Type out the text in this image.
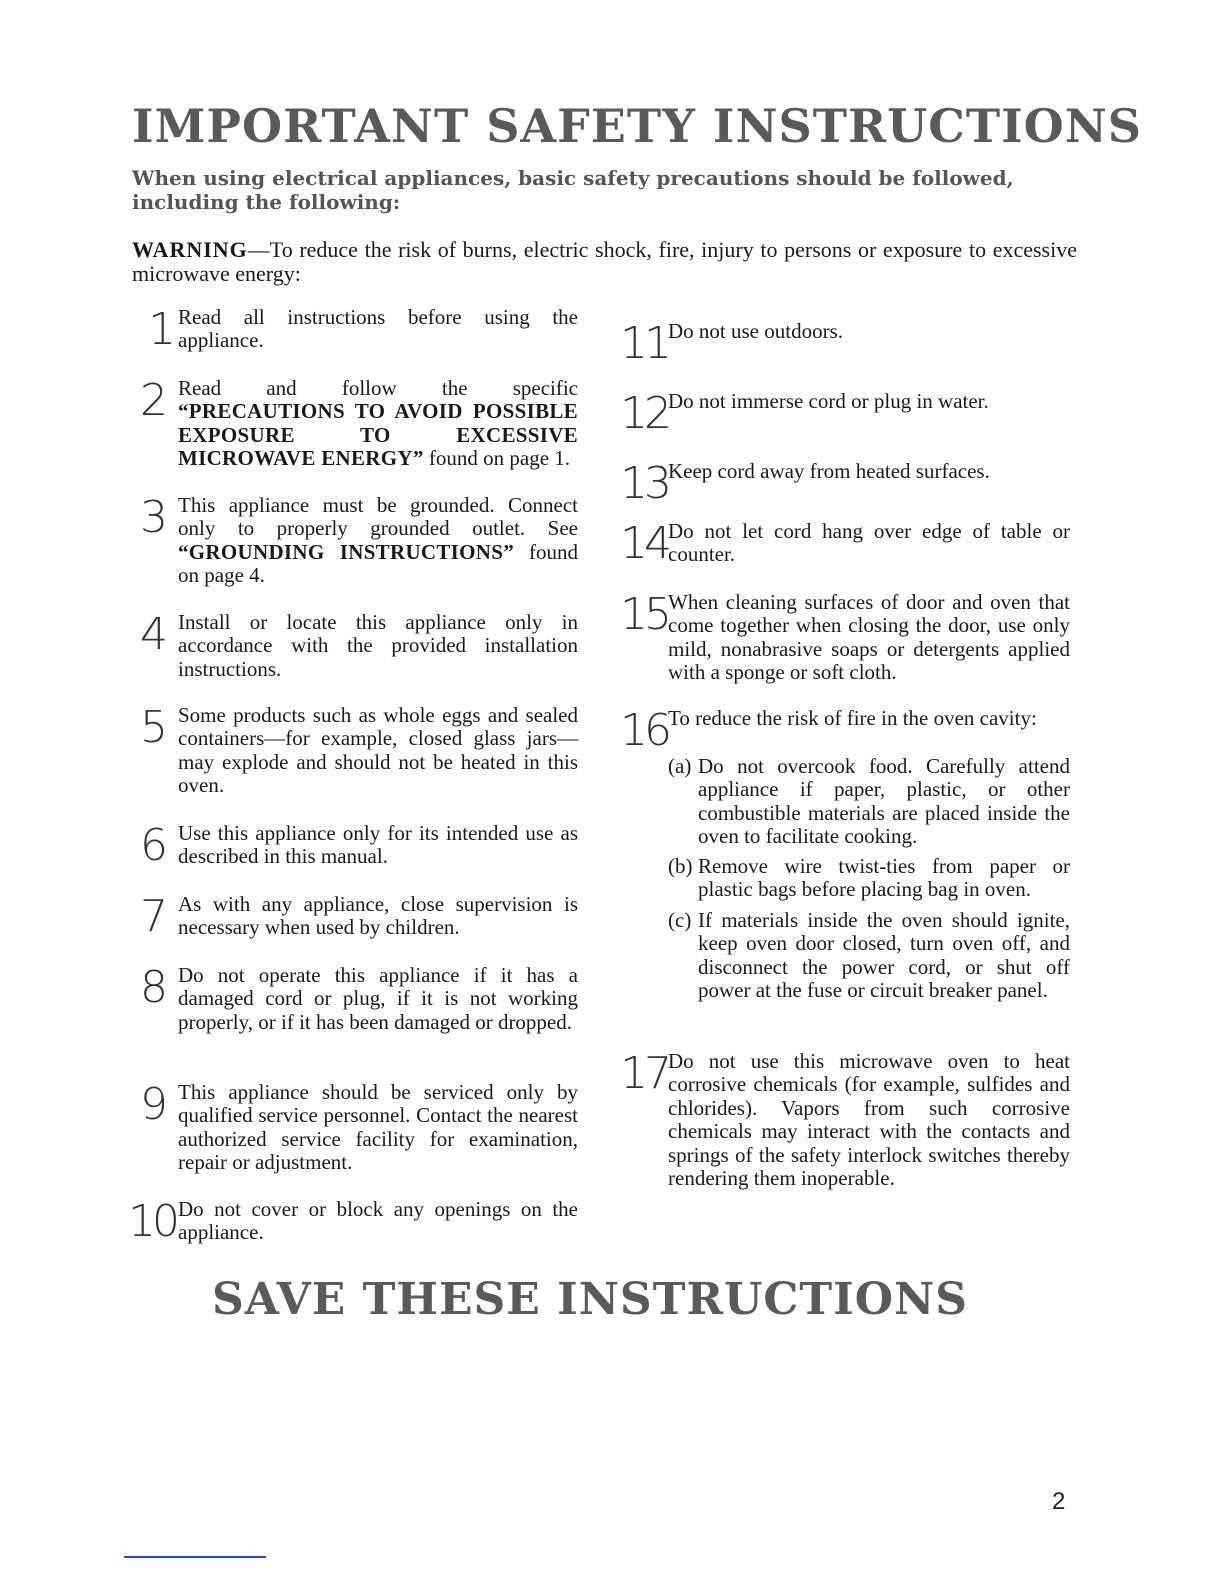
IMPORTANT SAFETY INSTRUCTIONS
When using electrical appliances, basic safety precautions should be followed, including the following:
WARNING—To reduce the risk of burns, electric shock, fire, injury to persons or exposure to excessive microwave energy:
1 Read all instructions before using the appliance.
2 Read and follow the specific “PRECAUTIONS TO AVOID POSSIBLE EXPOSURE TO EXCESSIVE MICROWAVE ENERGY” found on page 1.
3 This appliance must be grounded. Connect only to properly grounded outlet. See “GROUNDING INSTRUCTIONS” found on page 4.
4 Install or locate this appliance only in accordance with the provided installation instructions.
5 Some products such as whole eggs and sealed containers—for example, closed glass jars—may explode and should not be heated in this oven.
6 Use this appliance only for its intended use as described in this manual.
7 As with any appliance, close supervision is necessary when used by children.
8 Do not operate this appliance if it has a damaged cord or plug, if it is not working properly, or if it has been damaged or dropped.
9 This appliance should be serviced only by qualified service personnel. Contact the nearest authorized service facility for examination, repair or adjustment.
10 Do not cover or block any openings on the appliance.
11 Do not use outdoors.
12 Do not immerse cord or plug in water.
13 Keep cord away from heated surfaces.
14 Do not let cord hang over edge of table or counter.
15 When cleaning surfaces of door and oven that come together when closing the door, use only mild, nonabrasive soaps or detergents applied with a sponge or soft cloth.
16 To reduce the risk of fire in the oven cavity:
(a) Do not overcook food. Carefully attend appliance if paper, plastic, or other combustible materials are placed inside the oven to facilitate cooking.
(b) Remove wire twist-ties from paper or plastic bags before placing bag in oven.
(c) If materials inside the oven should ignite, keep oven door closed, turn oven off, and disconnect the power cord, or shut off power at the fuse or circuit breaker panel.
17 Do not use this microwave oven to heat corrosive chemicals (for example, sulfides and chlorides). Vapors from such corrosive chemicals may interact with the contacts and springs of the safety interlock switches thereby rendering them inoperable.
SAVE THESE INSTRUCTIONS
2
